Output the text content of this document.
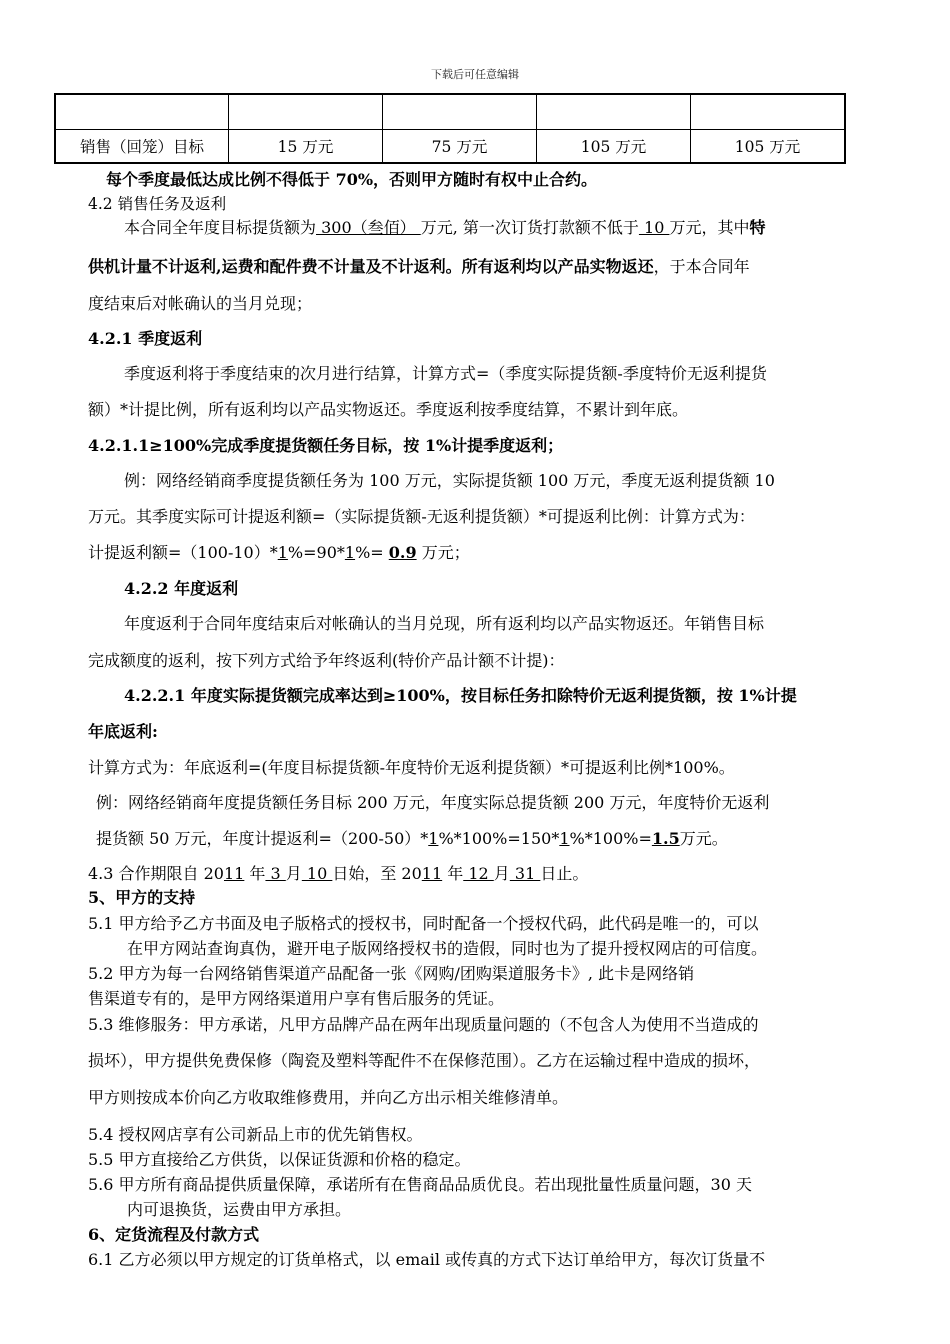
下载后可任意编辑

销售（回笼）目标	15 万元	75 万元	105 万元	105 万元
每个季度最低达成比例不得低于 70%，否则甲方随时有权中止合约。
4.2 销售任务及返利
本合同全年度目标提货额为 300（叁佰） 万元, 第一次订货打款额不低于 10 万元，其中特
供机计量不计返利,运费和配件费不计量及不计返利。所有返利均以产品实物返还，于本合同年
度结束后对帐确认的当月兑现；
4.2.1 季度返利
季度返利将于季度结束的次月进行结算，计算方式=（季度实际提货额-季度特价无返利提货
额）*计提比例，所有返利均以产品实物返还。季度返利按季度结算，不累计到年底。
4.2.1.1≥100%完成季度提货额任务目标，按 1%计提季度返利；
例：网络经销商季度提货额任务为 100 万元，实际提货额 100 万元，季度无返利提货额 10
万元。其季度实际可计提返利额=（实际提货额-无返利提货额）*可提返利比例：计算方式为：
计提返利额=（100-10）*1%=90*1%= 0.9 万元；
4.2.2 年度返利
年度返利于合同年度结束后对帐确认的当月兑现，所有返利均以产品实物返还。年销售目标
完成额度的返利，按下列方式给予年终返利(特价产品计额不计提)：
4.2.2.1 年度实际提货额完成率达到≥100%，按目标任务扣除特价无返利提货额，按 1%计提
年底返利:
计算方式为：年底返利=(年度目标提货额-年度特价无返利提货额）*可提返利比例*100%。
例：网络经销商年度提货额任务目标 200 万元，年度实际总提货额 200 万元，年度特价无返利
提货额 50 万元，年度计提返利=（200-50）*1%*100%=150*1%*100%=1.5万元。
4.3 合作期限自 2011 年 3 月 10 日始，至 2011 年 12 月 31 日止。
5、甲方的支持
5.1 甲方给予乙方书面及电子版格式的授权书，同时配备一个授权代码，此代码是唯一的，可以
在甲方网站查询真伪，避开电子版网络授权书的造假，同时也为了提升授权网店的可信度。
5.2 甲方为每一台网络销售渠道产品配备一张《网购/团购渠道服务卡》, 此卡是网络销
售渠道专有的，是甲方网络渠道用户享有售后服务的凭证。
5.3 维修服务：甲方承诺，凡甲方品牌产品在两年出现质量问题的（不包含人为使用不当造成的
损坏），甲方提供免费保修（陶瓷及塑料等配件不在保修范围）。乙方在运输过程中造成的损坏，
甲方则按成本价向乙方收取维修费用，并向乙方出示相关维修清单。
5.4 授权网店享有公司新品上市的优先销售权。
5.5 甲方直接给乙方供货，以保证货源和价格的稳定。
5.6 甲方所有商品提供质量保障，承诺所有在售商品品质优良。若出现批量性质量问题，30 天
内可退换货，运费由甲方承担。
6、定货流程及付款方式
6.1 乙方必须以甲方规定的订货单格式，以 email 或传真的方式下达订单给甲方，每次订货量不
